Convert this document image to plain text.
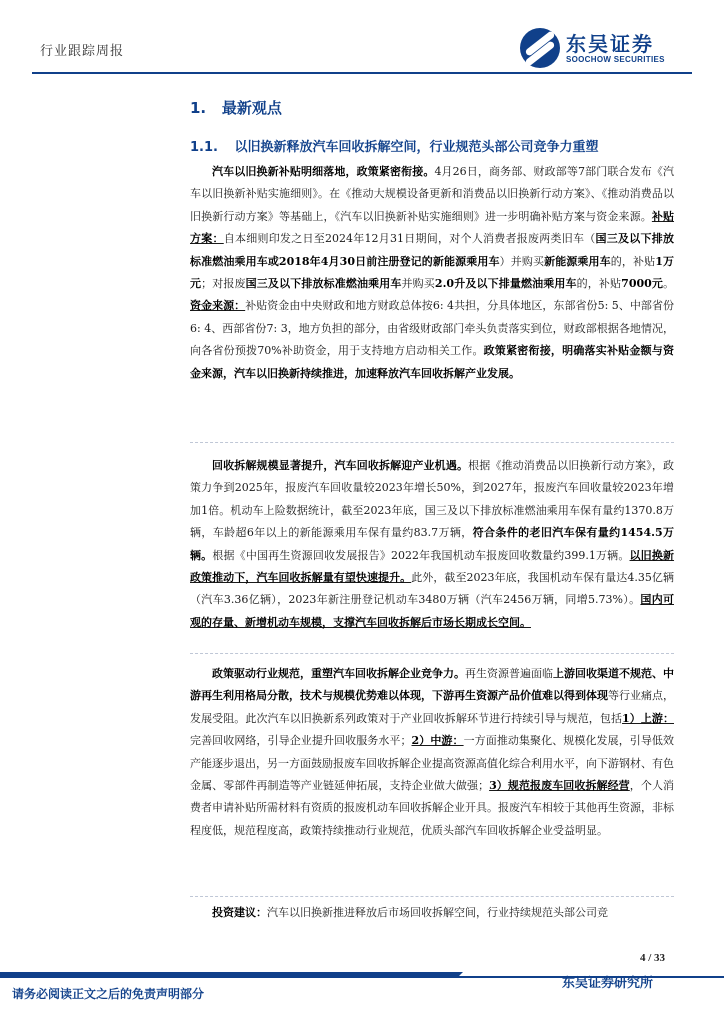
行业跟踪周报	东吴证券
SOOCHOW SECURITIES
1. 最新观点
1.1. 以旧换新释放汽车回收拆解空间，行业规范头部公司竞争力重塑

汽车以旧换新补贴明细落地，政策紧密衔接。4月26日，商务部、财政部等7部门联合发布《汽车以旧换新补贴实施细则》。在《推动大规模设备更新和消费品以旧换新行动方案》、《推动消费品以旧换新行动方案》等基础上，《汽车以旧换新补贴实施细则》进一步明确补贴方案与资金来源。补贴方案：自本细则印发之日至2024年12月31日期间，对个人消费者报废两类旧车（国三及以下排放标准燃油乘用车或2018年4月30日前注册登记的新能源乘用车）并购买新能源乘用车的，补贴1万元；对报废国三及以下排放标准燃油乘用车并购买2.0升及以下排量燃油乘用车的，补贴7000元。资金来源：补贴资金由中央财政和地方财政总体按6: 4共担，分具体地区，东部省份5: 5、中部省份6: 4、西部省份7: 3，地方负担的部分，由省级财政部门牵头负责落实到位，财政部根据各地情况，向各省份预拨70%补助资金，用于支持地方启动相关工作。政策紧密衔接，明确落实补贴金额与资金来源，汽车以旧换新持续推进，加速释放汽车回收拆解产业发展。

回收拆解规模显著提升，汽车回收拆解迎产业机遇。根据《推动消费品以旧换新行动方案》，政策力争到2025年，报废汽车回收量较2023年增长50%，到2027年，报废汽车回收量较2023年增加1倍。机动车上险数据统计，截至2023年底，国三及以下排放标准燃油乘用车保有量约1370.8万辆，车龄超6年以上的新能源乘用车保有量约83.7万辆，符合条件的老旧汽车保有量约1454.5万辆。根据《中国再生资源回收发展报告》2022年我国机动车报废回收数量约399.1万辆。以旧换新政策推动下，汽车回收拆解量有望快速提升。此外，截至2023年底，我国机动车保有量达4.35亿辆（汽车3.36亿辆），2023年新注册登记机动车3480万辆（汽车2456万辆，同增5.73%）。国内可观的存量、新增机动车规模，支撑汽车回收拆解后市场长期成长空间。

政策驱动行业规范，重塑汽车回收拆解企业竞争力。再生资源普遍面临上游回收渠道不规范、中游再生利用格局分散，技术与规模优势难以体现，下游再生资源产品价值难以得到体现等行业痛点，发展受阻。此次汽车以旧换新系列政策对于产业回收拆解环节进行持续引导与规范，包括1）上游：完善回收网络，引导企业提升回收服务水平；2）中游：一方面推动集聚化、规模化发展，引导低效产能逐步退出，另一方面鼓励报废车回收拆解企业提高资源高值化综合利用水平，向下游钢材、有色金属、零部件再制造等产业链延伸拓展，支持企业做大做强；3）规范报废车回收拆解经营，个人消费者申请补贴所需材料有资质的报废机动车回收拆解企业开具。报废汽车相较于其他再生资源，非标程度低，规范程度高，政策持续推动行业规范，优质头部汽车回收拆解企业受益明显。

投资建议：汽车以旧换新推进释放后市场回收拆解空间，行业持续规范头部公司竞

4 / 33
请务必阅读正文之后的免责声明部分
东吴证券研究所
